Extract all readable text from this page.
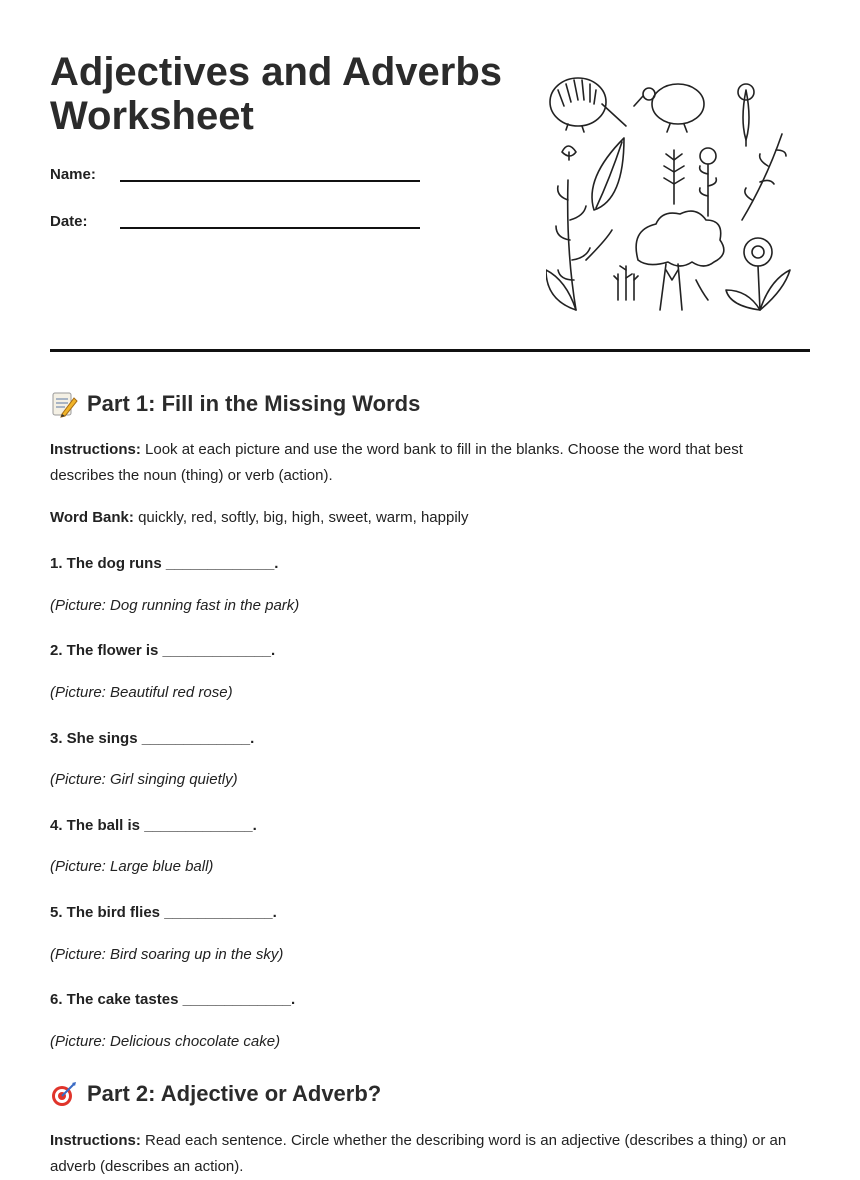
Adjectives and Adverbs Worksheet
Name:
Date:
Part 1: Fill in the Missing Words

Instructions: Look at each picture and use the word bank to fill in the blanks. Choose the word that best describes the noun (thing) or verb (action).

Word Bank: quickly, red, softly, big, high, sweet, warm, happily

1. The dog runs _____________.
(Picture: Dog running fast in the park)
2. The flower is _____________.
(Picture: Beautiful red rose)
3. She sings _____________.
(Picture: Girl singing quietly)
4. The ball is _____________.
(Picture: Large blue ball)
5. The bird flies _____________.
(Picture: Bird soaring up in the sky)
6. The cake tastes _____________.
(Picture: Delicious chocolate cake)
Part 2: Adjective or Adverb?

Instructions: Read each sentence. Circle whether the describing word is an adjective (describes a thing) or an adverb (describes an action).
